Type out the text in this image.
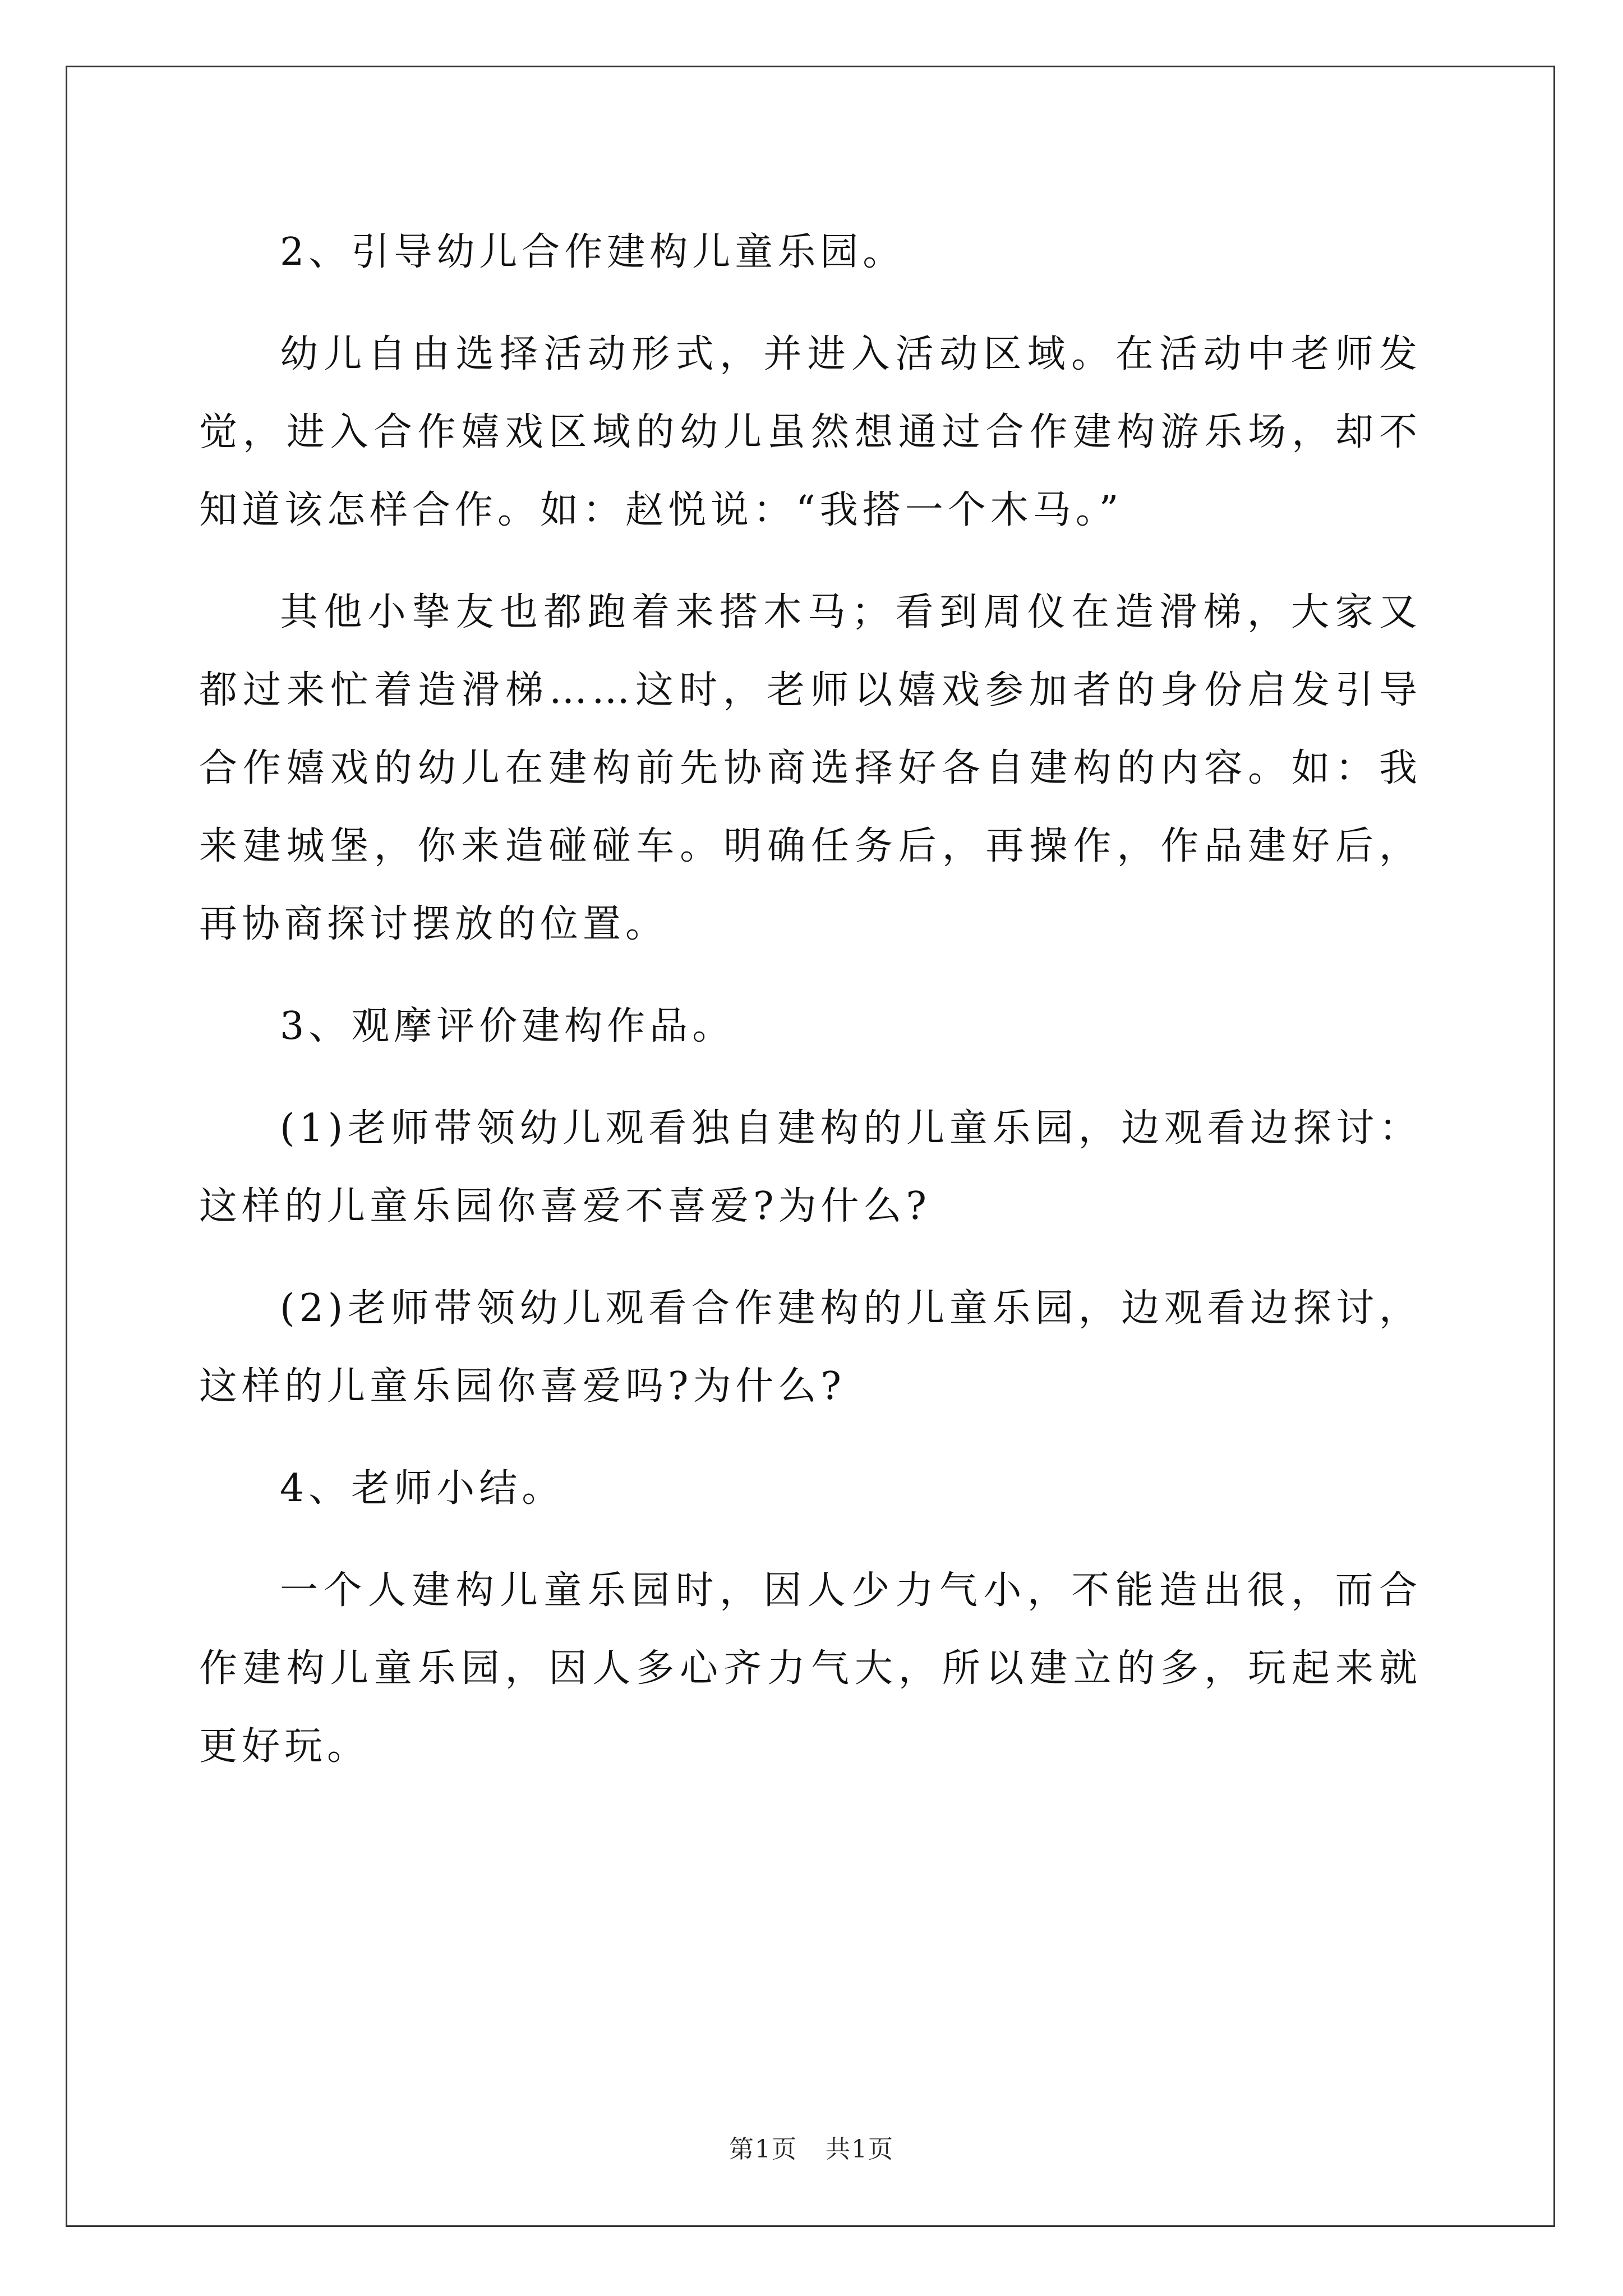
2、引导幼儿合作建构儿童乐园。

幼儿自由选择活动形式，并进入活动区域。在活动中老师发觉，进入合作嬉戏区域的幼儿虽然想通过合作建构游乐场，却不知道该怎样合作。如：赵悦说：“我搭一个木马。”

其他小挚友也都跑着来搭木马；看到周仪在造滑梯，大家又都过来忙着造滑梯……这时，老师以嬉戏参加者的身份启发引导合作嬉戏的幼儿在建构前先协商选择好各自建构的内容。如：我来建城堡，你来造碰碰车。明确任务后，再操作，作品建好后，再协商探讨摆放的位置。

3、观摩评价建构作品。

(1)老师带领幼儿观看独自建构的儿童乐园，边观看边探讨：这样的儿童乐园你喜爱不喜爱?为什么?

(2)老师带领幼儿观看合作建构的儿童乐园，边观看边探讨，这样的儿童乐园你喜爱吗?为什么?

4、老师小结。

一个人建构儿童乐园时，因人少力气小，不能造出很，而合作建构儿童乐园，因人多心齐力气大，所以建立的多，玩起来就更好玩。

第1页 共1页
